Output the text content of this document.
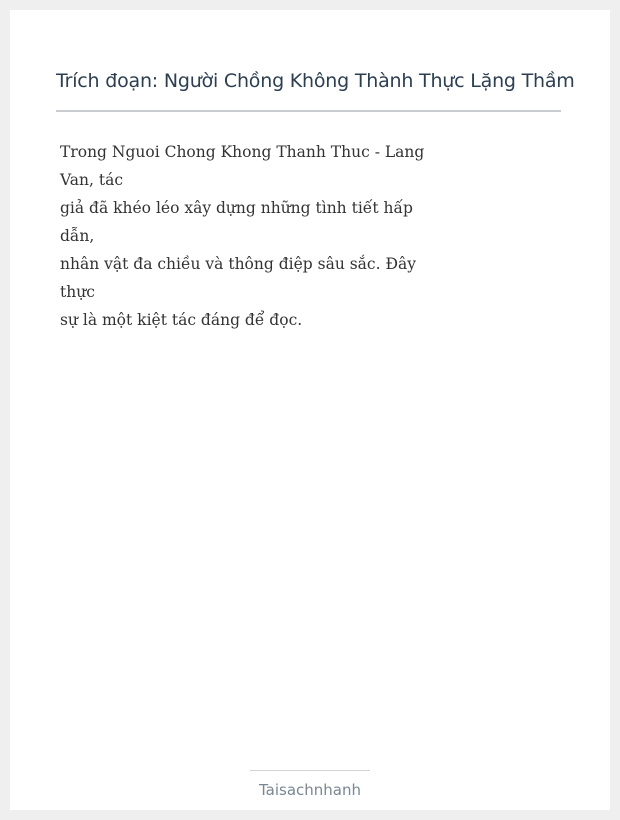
Trích đoạn: Người Chồng Không Thành Thực Lặng Thầm
Trong Nguoi Chong Khong Thanh Thuc - Lang
Van, tác
giả đã khéo léo xây dựng những tình tiết hấp
dẫn,
nhân vật đa chiều và thông điệp sâu sắc. Đây
thực
sự là một kiệt tác đáng để đọc.
Taisachnhanh
